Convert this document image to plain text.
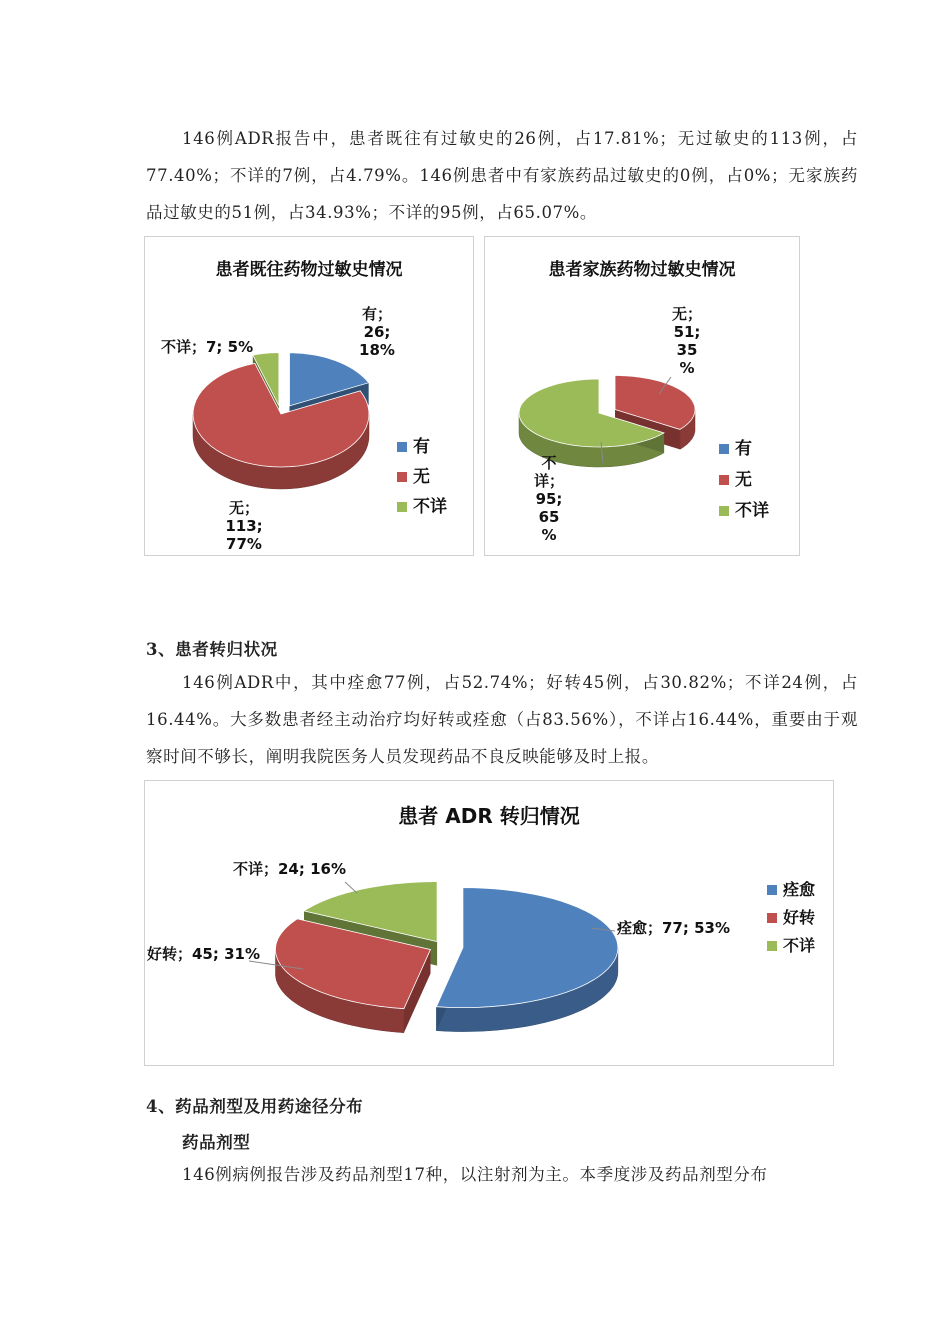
146例ADR报告中，患者既往有过敏史的26例，占17.81%；无过敏史的113例，占77.40%；不详的7例，占4.79%。146例患者中有家族药品过敏史的0例，占0%；无家族药品过敏史的51例，占34.93%；不详的95例，占65.07%。

患者既往药物过敏史情况
有； 26; 18%
无； 113; 77%
不详；7; 5%
有
无
不详
患者家族药物过敏史情况
无； 51; 35 %
不详； 95; 65 %
有
无
不详

3、患者转归状况

146例ADR中，其中痊愈77例，占52.74%；好转45例，占30.82%；不详24例，占16.44%。大多数患者经主动治疗均好转或痊愈（占83.56%），不详占16.44%，重要由于观察时间不够长，阐明我院医务人员发现药品不良反映能够及时上报。

患者 ADR 转归情况
痊愈；77; 53%
好转；45; 31%
不详；24; 16%
痊愈
好转
不详

4、药品剂型及用药途径分布

药品剂型

146例病例报告涉及药品剂型17种，以注射剂为主。本季度涉及药品剂型分布
